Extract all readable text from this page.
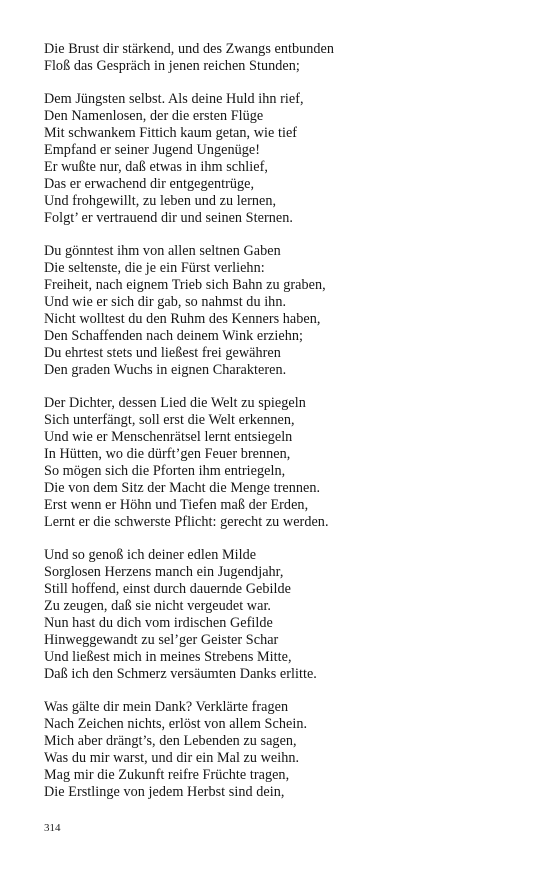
Die Brust dir stärkend, und des Zwangs entbunden
Floß das Gespräch in jenen reichen Stunden;
Dem Jüngsten selbst. Als deine Huld ihn rief,
Den Namenlosen, der die ersten Flüge
Mit schwankem Fittich kaum getan, wie tief
Empfand er seiner Jugend Ungenüge!
Er wußte nur, daß etwas in ihm schlief,
Das er erwachend dir entgegentrüge,
Und frohgewillt, zu leben und zu lernen,
Folgt’ er vertrauend dir und seinen Sternen.
Du gönntest ihm von allen seltnen Gaben
Die seltenste, die je ein Fürst verliehn:
Freiheit, nach eignem Trieb sich Bahn zu graben,
Und wie er sich dir gab, so nahmst du ihn.
Nicht wolltest du den Ruhm des Kenners haben,
Den Schaffenden nach deinem Wink erziehn;
Du ehrtest stets und ließest frei gewähren
Den graden Wuchs in eignen Charakteren.
Der Dichter, dessen Lied die Welt zu spiegeln
Sich unterfängt, soll erst die Welt erkennen,
Und wie er Menschenrätsel lernt entsiegeln
In Hütten, wo die dürft’gen Feuer brennen,
So mögen sich die Pforten ihm entriegeln,
Die von dem Sitz der Macht die Menge trennen.
Erst wenn er Höhn und Tiefen maß der Erden,
Lernt er die schwerste Pflicht: gerecht zu werden.
Und so genoß ich deiner edlen Milde
Sorglosen Herzens manch ein Jugendjahr,
Still hoffend, einst durch dauernde Gebilde
Zu zeugen, daß sie nicht vergeudet war.
Nun hast du dich vom irdischen Gefilde
Hinweggewandt zu sel’ger Geister Schar
Und ließest mich in meines Strebens Mitte,
Daß ich den Schmerz versäumten Danks erlitte.
Was gälte dir mein Dank? Verklärte fragen
Nach Zeichen nichts, erlöst von allem Schein.
Mich aber drängt’s, den Lebenden zu sagen,
Was du mir warst, und dir ein Mal zu weihn.
Mag mir die Zukunft reifre Früchte tragen,
Die Erstlinge von jedem Herbst sind dein,
314
